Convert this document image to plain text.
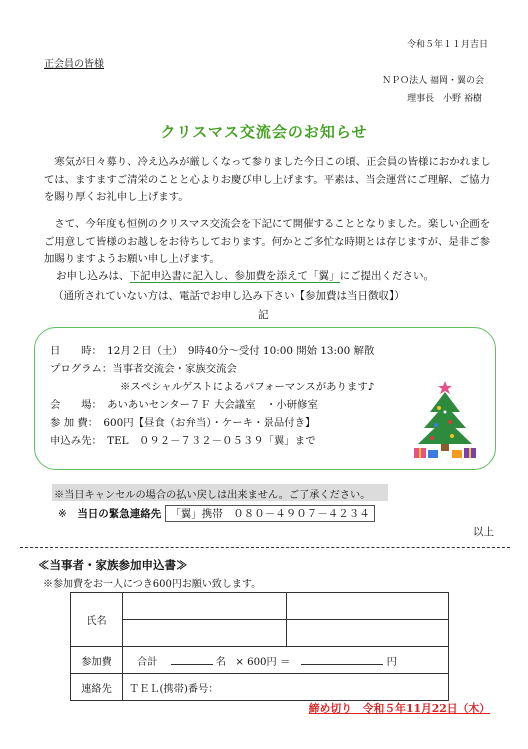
令和５年１１月吉日
正会員の皆様
ＮＰＯ法人 福岡・翼の会
理事長　小野 裕樹
クリスマス交流会のお知らせ
　寒気が日々募り、冷え込みが厳しくなって参りました今日この頃、正会員の皆様におかれましては、ますますご清栄のことと心よりお慶び申し上げます。平素は、当会運営にご理解、ご協力を賜り厚くお礼申し上げます。
　さて、今年度も恒例のクリスマス交流会を下記にて開催することとなりました。楽しい企画をご用意して皆様のお越しをお待ちしております。何かとご多忙な時期とは存じますが、是非ご参加賜りますようお願い申し上げます。
お申し込みは、下記申込書に記入し、参加費を添えて「翼」にご提出ください。
（通所されていない方は、電話でお申し込み下さい【参加費は当日徴収】）
記
日　　時：　12月２日（土）　9時40分～受付 10:00 開始 13:00 解散
プログラム：当事者交流会・家族交流会
※スペシャルゲストによるパフォーマンスがあります♪
会　　場：　あいあいセンター７Ｆ 大会議室　・小研修室
参 加 費：　600円【昼食（お弁当）・ケーキ・景品付き】
申込み先：　TEL　０９２－７３２－０５３９「翼」まで
※当日キャンセルの場合の払い戻しは出来ません。ご了承ください。
※　 当日の緊急連絡先 「翼」携帯　０８０－４９０７－４２３４
以上
≪当事者・家族参加申込書≫
※参加費をお一人につき600円お願い致します。
氏名		

参加費	合計 名 × 600円 ＝ 円	
連絡先	ＴＥＬ(携帯)番号：	
締め切り　令和５年11月22日（木）
